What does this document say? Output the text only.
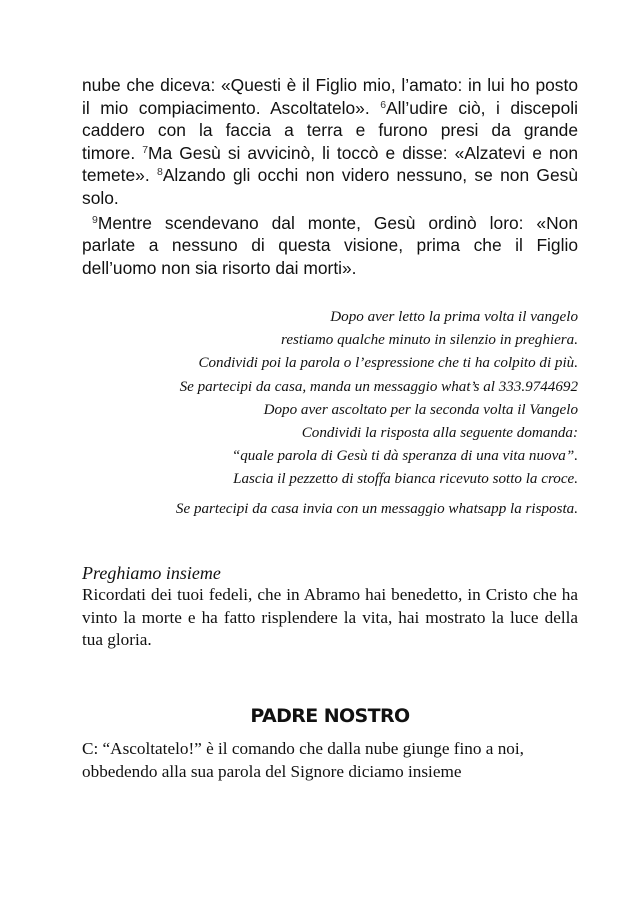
nube che diceva: «Questi è il Figlio mio, l’amato: in lui ho posto il mio compiacimento. Ascoltatelo». $^6$All’udire ciò, i discepoli caddero con la faccia a terra e furono presi da grande timore. $^7$Ma Gesù si avvicinò, li toccò e disse: «Alzatevi e non temete». $^8$Alzando gli occhi non videro nessuno, se non Gesù solo.

$^9$Mentre scendevano dal monte, Gesù ordinò loro: «Non parlate a nessuno di questa visione, prima che il Figlio dell’uomo non sia risorto dai morti».

Dopo aver letto la prima volta il vangelo
restiamo qualche minuto in silenzio in preghiera.
Condividi poi la parola o l’espressione che ti ha colpito di più.
Se partecipi da casa, manda un messaggio what’s al 333.9744692
Dopo aver ascoltato per la seconda volta il Vangelo
Condividi la risposta alla seguente domanda:
“quale parola di Gesù ti dà speranza di una vita nuova”.
Lascia il pezzetto di stoffa bianca ricevuto sotto la croce.
Se partecipi da casa invia con un messaggio whatsapp la risposta.
Preghiamo insieme
Ricordati dei tuoi fedeli, che in Abramo hai benedetto, in Cristo che ha vinto la morte e ha fatto risplendere la vita, hai mostrato la luce della tua gloria.
PADRE NOSTRO
C: “Ascoltatelo!” è il comando che dalla nube giunge fino a noi,
obbedendo alla sua parola del Signore diciamo insieme
